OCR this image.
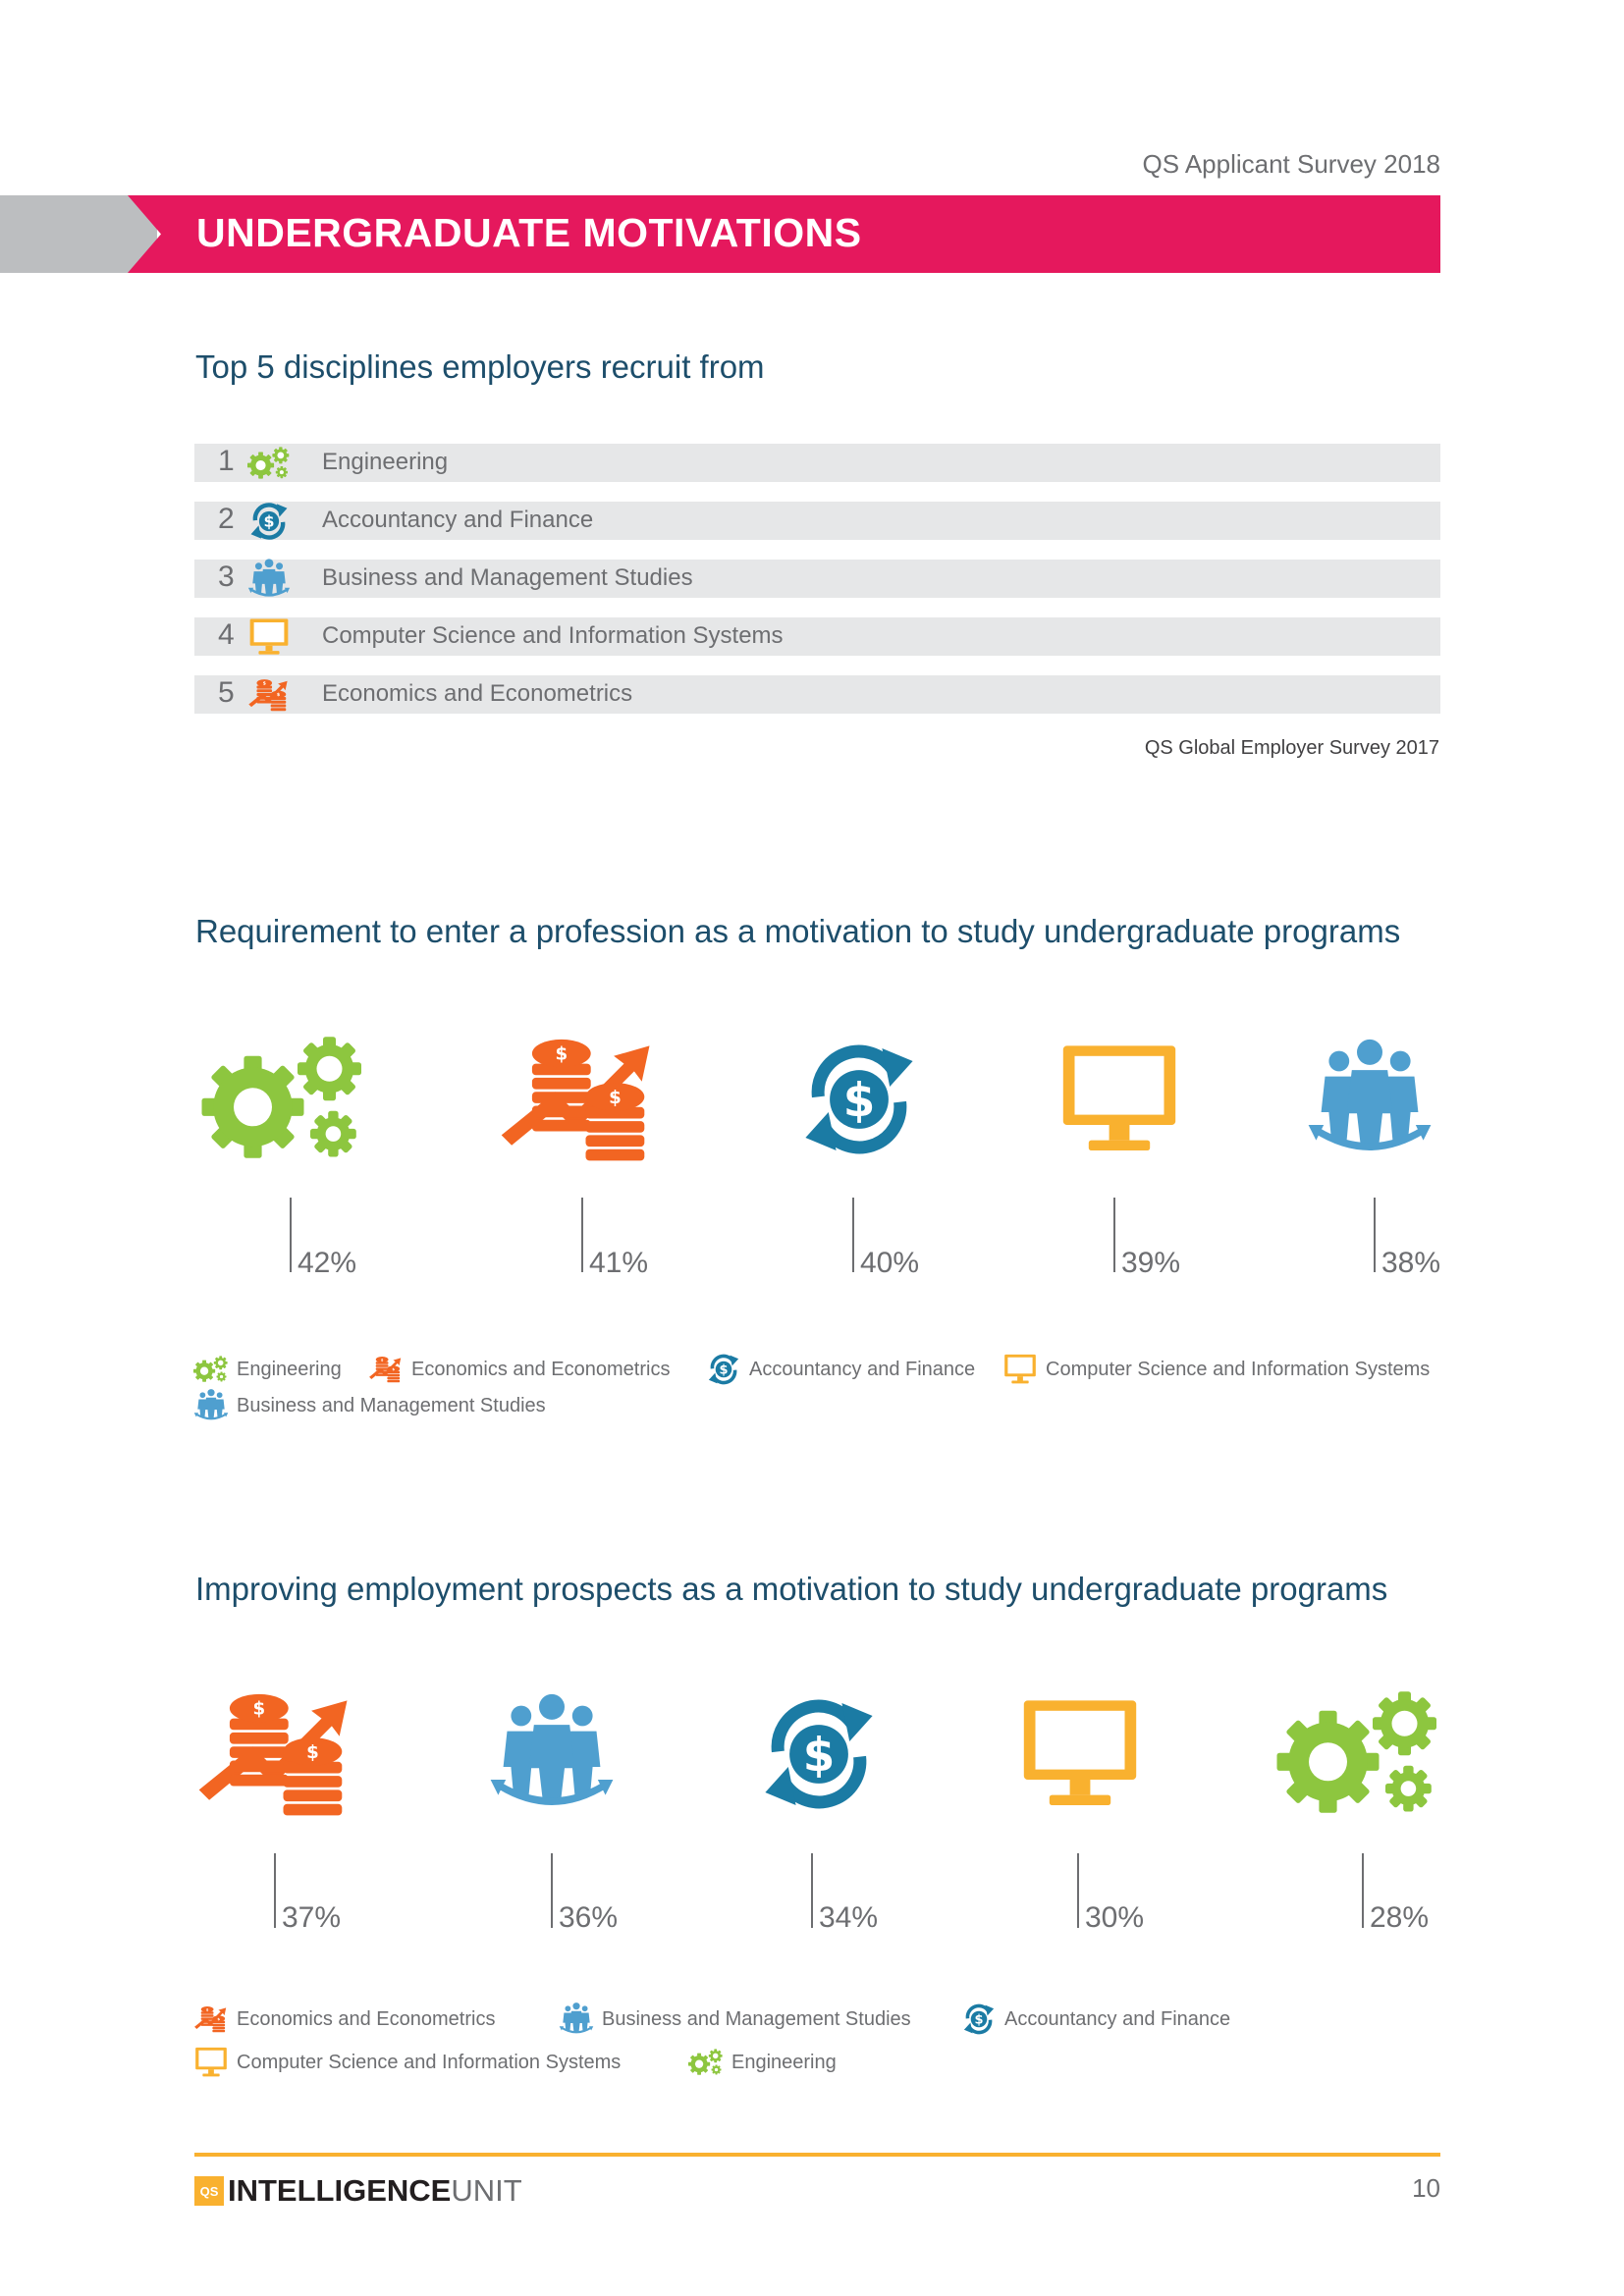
QS Applicant Survey 2018
UNDERGRADUATE MOTIVATIONS
Top 5 disciplines employers recruit from
1	Engineering
2	Accountancy and Finance
3	Business and Management Studies
4	Computer Science and Information Systems
5	Economics and Econometrics
QS Global Employer Survey 2017
Requirement to enter a profession as a motivation to study undergraduate programs
42%	41%	40%	39%	38%
Engineering	Economics and Econometrics	Accountancy and Finance	Computer Science and Information Systems
Business and Management Studies
Improving employment prospects as a motivation to study undergraduate programs
37%	36%	34%	30%	28%
Economics and Econometrics	Business and Management Studies	Accountancy and Finance
Computer Science and Information Systems	Engineering
QS INTELLIGENCE UNIT	10
